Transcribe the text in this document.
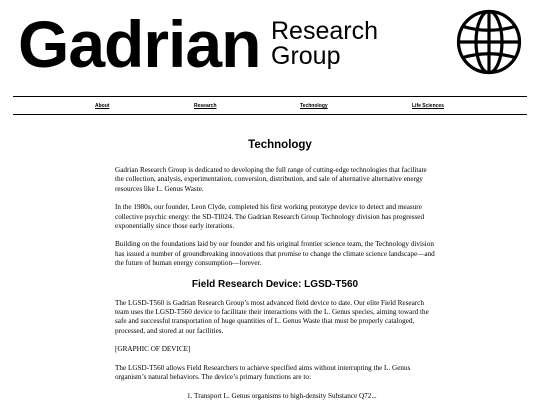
Gadrian Research
Group
About	Research	Technology	Life Sciences
Technology

Gadrian Research Group is dedicated to developing the full range of cutting-edge technologies that facilitate the collection, analysis, experimentation, conversion, distribution, and sale of alternative alternative energy resources like L. Genus Waste.

In the 1980s, our founder, Leon Clyde, completed his first working prototype device to detect and measure collective psychic energy: the SD-TI024. The Gadrian Research Group Technology division has progressed exponentially since those early iterations.

Building on the foundations laid by our founder and his original frontier science team, the Technology division has issued a number of groundbreaking innovations that promise to change the climate science landscape—and the future of human energy consumption—forever.

Field Research Device: LGSD-T560

The LGSD-T560 is Gadrian Research Group’s most advanced field device to date. Our elite Field Research team uses the LGSD-T560 device to facilitate their interactions with the L. Genus species, aiming toward the safe and successful transportation of huge quantities of L. Genus Waste that must be properly cataloged, processed, and stored at our facilities.

[GRAPHIC OF DEVICE]

The LGSD-T560 allows Field Researchers to achieve specified aims without interrupting the L. Genus organism’s natural behaviors. The device’s primary functions are to:

1. Transport L. Genus organisms to high-density Substance Q72...
